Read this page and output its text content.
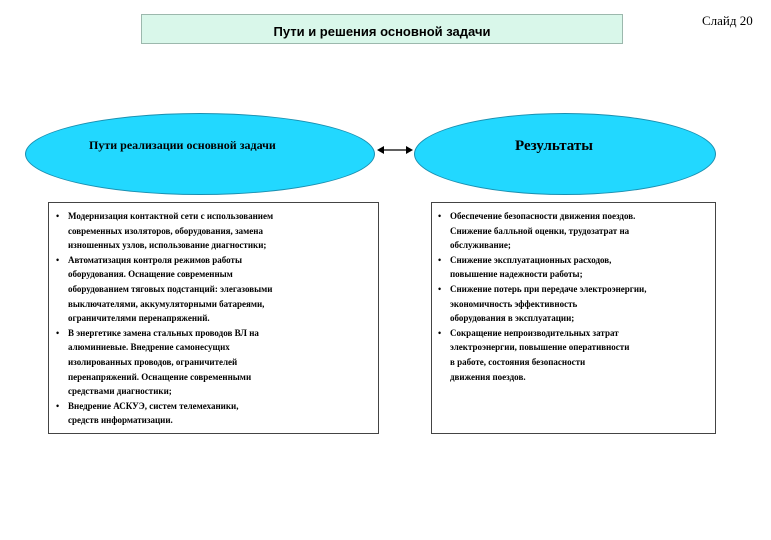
Пути и решения основной задачи
Слайд 20
Пути реализации основной задачи	Результаты
• Модернизация контактной сети с использованием
современных изоляторов, оборудования, замена
изношенных узлов, использование диагностики;
• Автоматизация контроля режимов работы
оборудования. Оснащение современным
оборудованием тяговых подстанций: элегазовыми
выключателями, аккумуляторными батареями,
ограничителями перенапряжений.
• В энергетике замена стальных проводов ВЛ на
алюминиевые. Внедрение самонесущих
изолированных проводов, ограничителей
перенапряжений. Оснащение современными
средствами диагностики;
• Внедрение АСКУЭ, систем телемеханики,
средств информатизации.
• Обеспечение безопасности движения поездов.
Снижение балльной оценки, трудозатрат на
обслуживание;
• Снижение эксплуатационных расходов,
повышение надежности работы;
• Снижение потерь при передаче электроэнергии,
экономичность эффективность
оборудования в эксплуатации;
• Сокращение непроизводительных затрат
электроэнергии, повышение оперативности
в работе, состояния безопасности
движения поездов.
